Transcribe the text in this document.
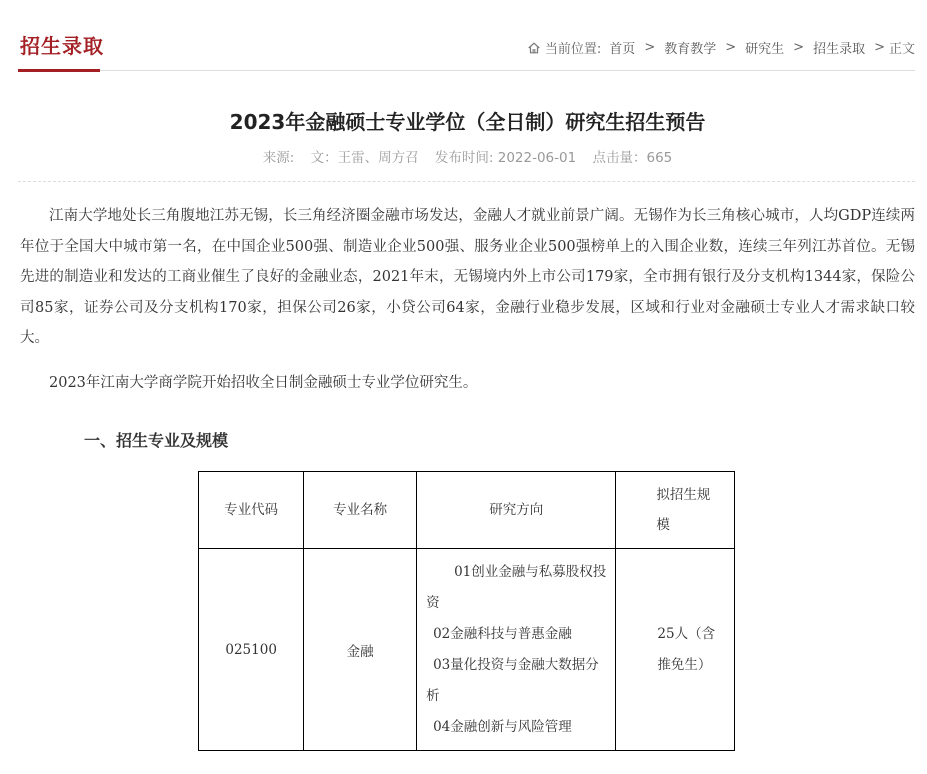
招生录取	当前位置: 首页 > 教育教学 > 研究生 > 招生录取 > 正文
2023年金融硕士专业学位（全日制）研究生招生预告
来源: 文：王雷、周方召 发布时间: 2022-06-01 点击量：665

江南大学地处长三角腹地江苏无锡，长三角经济圈金融市场发达，金融人才就业前景广阔。无锡作为长三角核心城市，人均GDP连续两年位于全国大中城市第一名，在中国企业500强、制造业企业500强、服务业企业500强榜单上的入围企业数，连续三年列江苏首位。无锡先进的制造业和发达的工商业催生了良好的金融业态，2021年末，无锡境内外上市公司179家，全市拥有银行及分支机构1344家，保险公司85家，证券公司及分支机构170家，担保公司26家，小贷公司64家，金融行业稳步发展，区域和行业对金融硕士专业人才需求缺口较大。

2023年江南大学商学院开始招收全日制金融硕士专业学位研究生。

一、招生专业及规模
专业代码	专业名称	研究方向	拟招生规模

025100	金融	01创业金融与私募股权投资
02金融科技与普惠金融
03量化投资与金融大数据分析
04金融创新与风险管理	25人（含推免生）
